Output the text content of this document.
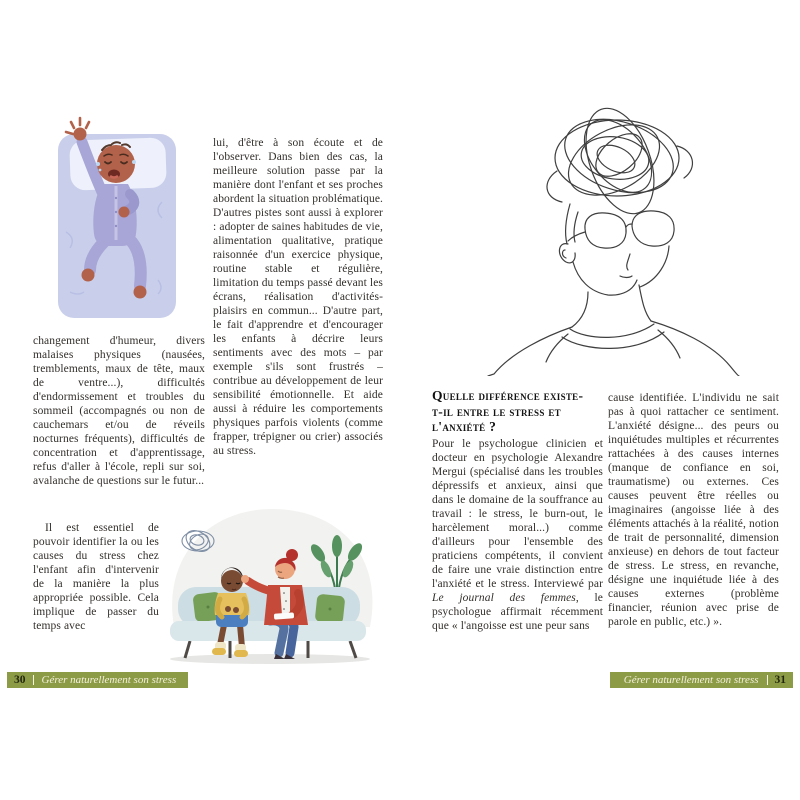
changement d'humeur, divers malaises physiques (nausées, tremblements, maux de tête, maux de ventre...), difficultés d'endormissement et troubles du sommeil (accompagnés ou non de cauchemars et/ou de réveils nocturnes fréquents), difficultés de concentration et d'apprentissage, refus d'aller à l'école, repli sur soi, avalanche de questions sur le futur...
Il est essentiel de pouvoir identifier la ou les causes du stress chez l'enfant afin d'intervenir de la manière la plus appropriée possible. Cela implique de passer du temps avec
lui, d'être à son écoute et de l'observer. Dans bien des cas, la meilleure solution passe par la manière dont l'enfant et ses proches abordent la situation problématique. D'autres pistes sont aussi à explorer : adopter de saines habitudes de vie, alimentation qualitative, pratique raisonnée d'un exercice physique, routine stable et régulière, limitation du temps passé devant les écrans, réalisation d'activités-plaisirs en commun... D'autre part, le fait d'apprendre et d'encourager les enfants à décrire leurs sentiments avec des mots – par exemple s'ils sont frustrés – contribue au développement de leur sensibilité émotionnelle. Et aide aussi à réduire les comportements physiques parfois violents (comme frapper, trépigner ou crier) associés au stress.
Quelle différence existe-t-il entre le stress et l'anxiété ?
Pour le psychologue clinicien et docteur en psychologie Alexandre Mergui (spécialisé dans les troubles dépressifs et anxieux, ainsi que dans le domaine de la souffrance au travail : le stress, le burn-out, le harcèlement moral...) comme d'ailleurs pour l'ensemble des praticiens compétents, il convient de faire une vraie distinction entre l'anxiété et le stress. Interviewé par Le journal des femmes, le psychologue affirmait récemment que « l'angoisse est une peur sans
cause identifiée. L'individu ne sait pas à quoi rattacher ce sentiment. L'anxiété désigne... des peurs ou inquiétudes multiples et récurrentes rattachées à des causes internes (manque de confiance en soi, traumatisme) ou externes. Ces causes peuvent être réelles ou imaginaires (angoisse liée à des éléments attachés à la réalité, notion de trait de personnalité, dimension anxieuse) en dehors de tout facteur de stress. Le stress, en revanche, désigne une inquiétude liée à des causes externes (problème financier, réunion avec prise de parole en public, etc.) ».
30	Gérer naturellement son stress	Gérer naturellement son stress	31
